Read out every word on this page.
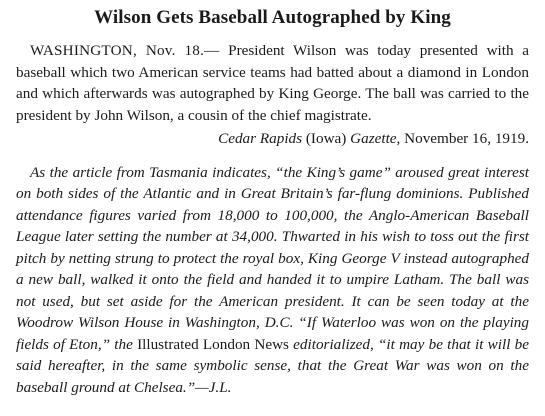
Wilson Gets Baseball Autographed by King

WASHINGTON, Nov. 18.— President Wilson was today presented with a baseball which two American service teams had batted about a diamond in London and which afterwards was autographed by King George. The ball was carried to the president by John Wilson, a cousin of the chief magistrate.

Cedar Rapids (Iowa) Gazette, November 16, 1919.

As the article from Tasmania indicates, “the King’s game” aroused great interest on both sides of the Atlantic and in Great Britain’s far-flung dominions. Published attendance figures varied from 18,000 to 100,000, the Anglo-American Baseball League later setting the number at 34,000. Thwarted in his wish to toss out the first pitch by netting strung to protect the royal box, King George V instead autographed a new ball, walked it onto the field and handed it to umpire Latham. The ball was not used, but set aside for the American president. It can be seen today at the Woodrow Wilson House in Washington, D.C. “If Waterloo was won on the playing fields of Eton,” the Illustrated London News editorialized, “it may be that it will be said hereafter, in the same symbolic sense, that the Great War was won on the baseball ground at Chelsea.”—J.L.
